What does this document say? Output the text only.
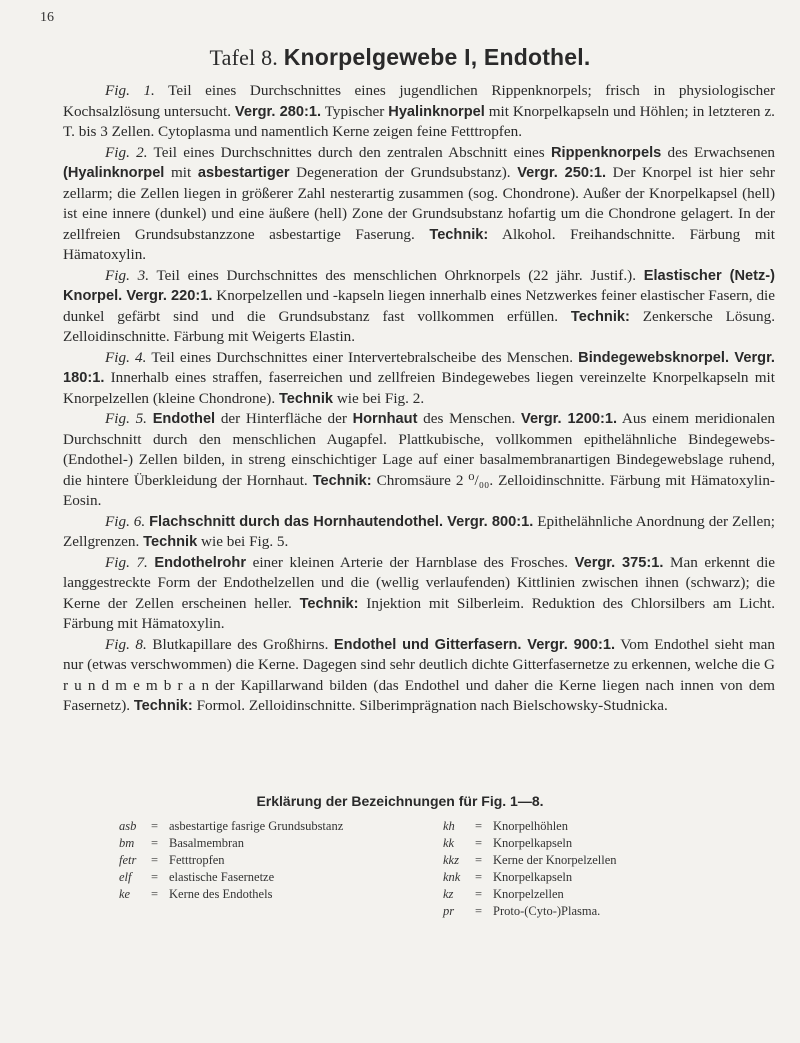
16
Tafel 8. Knorpelgewebe I, Endothel.

Fig. 1. Teil eines Durchschnittes eines jugendlichen Rippenknorpels; frisch in physiologischer Kochsalzlösung untersucht. Vergr. 280:1. Typischer Hyalinknorpel mit Knorpelkapseln und Höhlen; in letzteren z. T. bis 3 Zellen. Cytoplasma und namentlich Kerne zeigen feine Fetttropfen.

Fig. 2. Teil eines Durchschnittes durch den zentralen Abschnitt eines Rippenknorpels des Erwachsenen (Hyalinknorpel mit asbestartiger Degeneration der Grundsubstanz). Vergr. 250:1. Der Knorpel ist hier sehr zellarm; die Zellen liegen in größerer Zahl nesterartig zusammen (sog. Chondrone). Außer der Knorpelkapsel (hell) ist eine innere (dunkel) und eine äußere (hell) Zone der Grundsubstanz hofartig um die Chondrone gelagert. In der zellfreien Grundsubstanzzone asbestartige Faserung. Technik: Alkohol. Freihandschnitte. Färbung mit Hämatoxylin.

Fig. 3. Teil eines Durchschnittes des menschlichen Ohrknorpels (22 jähr. Justif.). Elastischer (Netz-) Knorpel. Vergr. 220:1. Knorpelzellen und -kapseln liegen innerhalb eines Netzwerkes feiner elastischer Fasern, die dunkel gefärbt sind und die Grundsubstanz fast vollkommen erfüllen. Technik: Zenkersche Lösung. Zelloidinschnitte. Färbung mit Weigerts Elastin.

Fig. 4. Teil eines Durchschnittes einer Intervertebralscheibe des Menschen. Bindegewebsknorpel. Vergr. 180:1. Innerhalb eines straffen, faserreichen und zellfreien Bindegewebes liegen vereinzelte Knorpelkapseln mit Knorpelzellen (kleine Chondrone). Technik wie bei Fig. 2.

Fig. 5. Endothel der Hinterfläche der Hornhaut des Menschen. Vergr. 1200:1. Aus einem meridionalen Durchschnitt durch den menschlichen Augapfel. Plattkubische, vollkommen epithelähnliche Bindegewebs- (Endothel-) Zellen bilden, in streng einschichtiger Lage auf einer basalmembranartigen Bindegewebslage ruhend, die hintere Überkleidung der Hornhaut. Technik: Chromsäure 2 ⁰/₀₀. Zelloidinschnitte. Färbung mit Hämatoxylin-Eosin.

Fig. 6. Flachschnitt durch das Hornhautendothel. Vergr. 800:1. Epithelähnliche Anordnung der Zellen; Zellgrenzen. Technik wie bei Fig. 5.

Fig. 7. Endothelrohr einer kleinen Arterie der Harnblase des Frosches. Vergr. 375:1. Man erkennt die langgestreckte Form der Endothelzellen und die (wellig verlaufenden) Kittlinien zwischen ihnen (schwarz); die Kerne der Zellen erscheinen heller. Technik: Injektion mit Silberleim. Reduktion des Chlorsilbers am Licht. Färbung mit Hämatoxylin.

Fig. 8. Blutkapillare des Großhirns. Endothel und Gitterfasern. Vergr. 900:1. Vom Endothel sieht man nur (etwas verschwommen) die Kerne. Dagegen sind sehr deutlich dichte Gitterfasernetze zu erkennen, welche die G r u n d m e m b r a n der Kapillarwand bilden (das Endothel und daher die Kerne liegen nach innen von dem Fasernetz). Technik: Formol. Zelloidinschnitte. Silberimprägnation nach Bielschowsky-Studnicka.

Erklärung der Bezeichnungen für Fig. 1—8.
asb	= asbestartige fasrige Grundsubstanz
bm	= Basalmembran
fetr	= Fetttropfen
elf	= elastische Fasernetze
ke	= Kerne des Endothels
kh	= Knorpelhöhlen
kk	= Knorpelkapseln
kkz	= Kerne der Knorpelzellen
knk	= Knorpelkapseln
kz	= Knorpelzellen
pr	= Proto-(Cyto-)Plasma.
